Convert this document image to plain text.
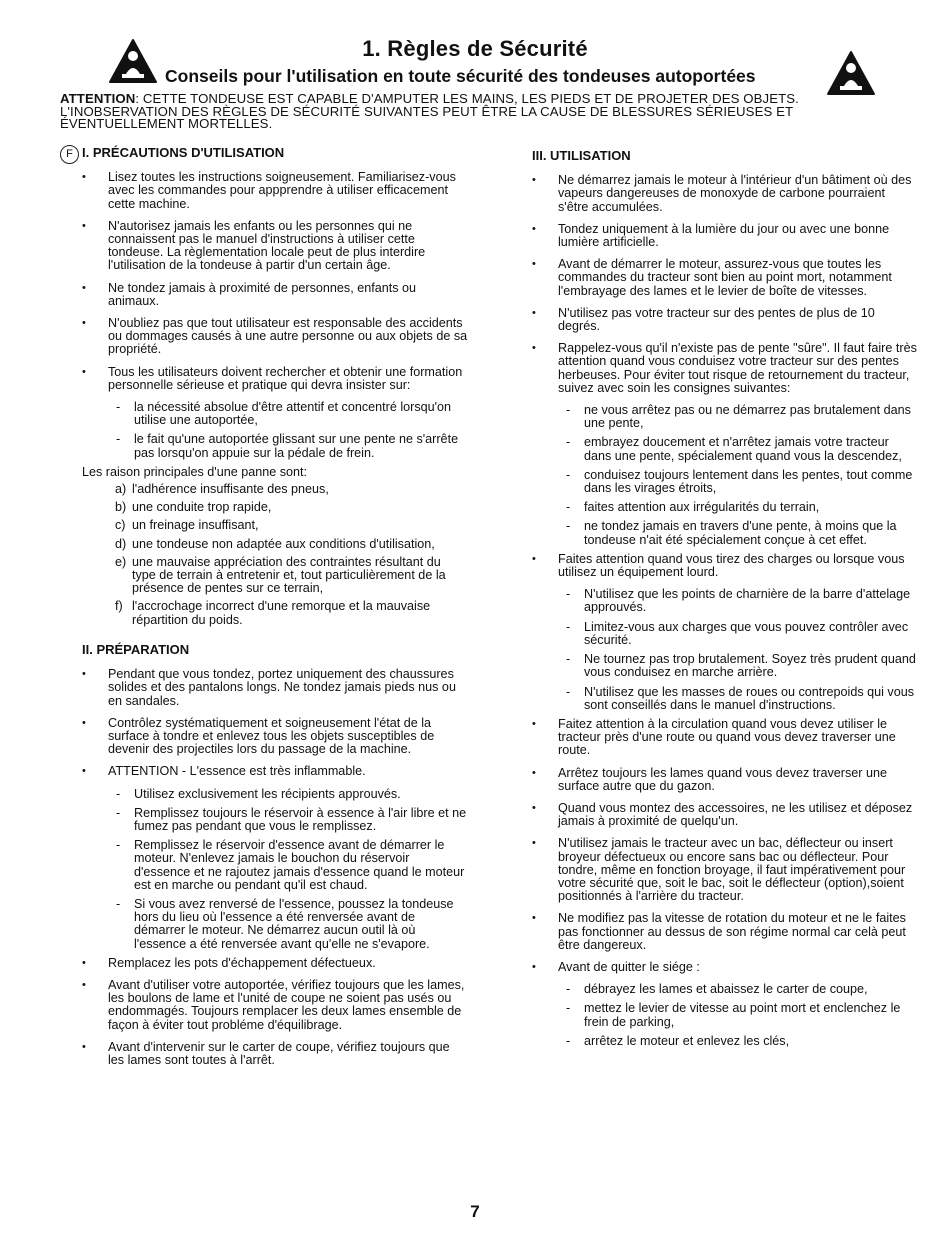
1. Règles de Sécurité
Conseils pour l'utilisation en toute sécurité des tondeuses autoportées
ATTENTION: CETTE TONDEUSE EST CAPABLE D'AMPUTER LES MAINS, LES PIEDS ET DE PROJETER DES OBJETS. L'INOBSERVATION DES RÈGLES DE SÉCURITÉ SUIVANTES PEUT ÊTRE LA CAUSE DE BLESSURES SÉRIEUSES ET ÉVENTUELLEMENT MORTELLES.
F I. PRÉCAUTIONS D'UTILISATION
• Lisez toutes les instructions soigneusement. Familiarisez-vous avec les commandes pour appprendre à utiliser efficacement cette machine.
• N'autorisez jamais les enfants ou les personnes qui ne connaissent pas le manuel d'instructions à utiliser cette tondeuse. La règlementation locale peut de plus interdire l'utilisation de la tondeuse à partir d'un certain âge.
• Ne tondez jamais à proximité de personnes, enfants ou animaux.
• N'oubliez pas que tout utilisateur est responsable des accidents ou dommages causés à une autre personne ou aux objets de sa propriété.
• Tous les utilisateurs doivent rechercher et obtenir une formation personnelle sérieuse et pratique qui devra insister sur:
- la nécessité absolue d'être attentif et concentré lorsqu'on utilise une autoportée,
- le fait qu'une autoportée glissant sur une pente ne s'arrête pas lorsqu'on appuie sur la pédale de frein.
Les raison principales d'une panne sont:
a) l'adhérence insuffisante des pneus,
b) une conduite trop rapide,
c) un freinage insuffisant,
d) une tondeuse non adaptée aux conditions d'utilisation,
e) une mauvaise appréciation des contraintes résultant du type de terrain à entretenir et, tout particulièrement de la présence de pentes sur ce terrain,
f) l'accrochage incorrect d'une remorque et la mauvaise répartition du poids.
II. PRÉPARATION
• Pendant que vous tondez, portez uniquement des chaussures solides et des pantalons longs. Ne tondez jamais pieds nus ou en sandales.
• Contrôlez systématiquement et soigneusement l'état de la surface à tondre et enlevez tous les objets susceptibles de devenir des projectiles lors du passage de la machine.
• ATTENTION - L'essence est très inflammable.
- Utilisez exclusivement les récipients approuvés.
- Remplissez toujours le réservoir à essence à l'air libre et ne fumez pas pendant que vous le remplissez.
- Remplissez le réservoir d'essence avant de démarrer le moteur. N'enlevez jamais le bouchon du réservoir d'essence et ne rajoutez jamais d'essence quand le moteur est en marche ou pendant qu'il est chaud.
- Si vous avez renversé de l'essence, poussez la tondeuse hors du lieu où l'essence a été renversée avant de démarrer le moteur. Ne démarrez aucun outil là où l'essence a été renversée avant qu'elle ne s'evapore.
• Remplacez les pots d'échappement défectueux.
• Avant d'utiliser votre autoportée, vérifiez toujours que les lames, les boulons de lame et l'unité de coupe ne soient pas usés ou endommagés. Toujours remplacer les deux lames ensemble de façon à éviter tout probléme d'équilibrage.
• Avant d'intervenir sur le carter de coupe, vérifiez toujours que les lames sont toutes à l'arrêt.
III. UTILISATION
• Ne démarrez jamais le moteur à l'intérieur d'un bâtiment où des vapeurs dangereuses de monoxyde de carbone pourraient s'être accumulées.
• Tondez uniquement à la lumière du jour ou avec une bonne lumière artificielle.
• Avant de démarrer le moteur, assurez-vous que toutes les commandes du tracteur sont bien au point mort, notamment l'embrayage des lames et le levier de boîte de vitesses.
• N'utilisez pas votre tracteur sur des pentes de plus de 10 degrés.
• Rappelez-vous qu'il n'existe pas de pente "sûre". Il faut faire très attention quand vous conduisez votre tracteur sur des pentes herbeuses. Pour éviter tout risque de retournement du tracteur, suivez avec soin les consignes suivantes:
- ne vous arrêtez pas ou ne démarrez pas brutalement dans une pente,
- embrayez doucement et n'arrêtez jamais votre tracteur dans une pente, spécialement quand vous la descendez,
- conduisez toujours lentement dans les pentes, tout comme dans les virages étroits,
- faites attention aux irrégularités du terrain,
- ne tondez jamais en travers d'une pente, à moins que la tondeuse n'ait été spécialement conçue à cet effet.
• Faites attention quand vous tirez des charges ou lorsque vous utilisez un équipement lourd.
- N'utilisez que les points de charnière de la barre d'attelage approuvés.
- Limitez-vous aux charges que vous pouvez contrôler avec sécurité.
- Ne tournez pas trop brutalement. Soyez très prudent quand vous conduisez en marche arrière.
- N'utilisez que les masses de roues ou contrepoids qui vous sont conseillés dans le manuel d'instructions.
• Faitez attention à la circulation quand vous devez utiliser le tracteur près d'une route ou quand vous devez traverser une route.
• Arrêtez toujours les lames quand vous devez traverser une surface autre que du gazon.
• Quand vous montez des accessoires, ne les utilisez et déposez jamais à proximité de quelqu'un.
• N'utilisez jamais le tracteur avec un bac, déflecteur ou insert broyeur défectueux ou encore sans bac ou déflecteur. Pour tondre, même en fonction broyage, il faut impérativement pour votre sécurité que, soit le bac, soit le déflecteur (option),soient positionnés à l'arrière du tracteur.
• Ne modifiez pas la vitesse de rotation du moteur et ne le faites pas fonctionner au dessus de son régime normal car celà peut être dangereux.
• Avant de quitter le siége :
- débrayez les lames et abaissez le carter de coupe,
- mettez le levier de vitesse au point mort et enclenchez le frein de parking,
- arrêtez le moteur et enlevez les clés,
7
